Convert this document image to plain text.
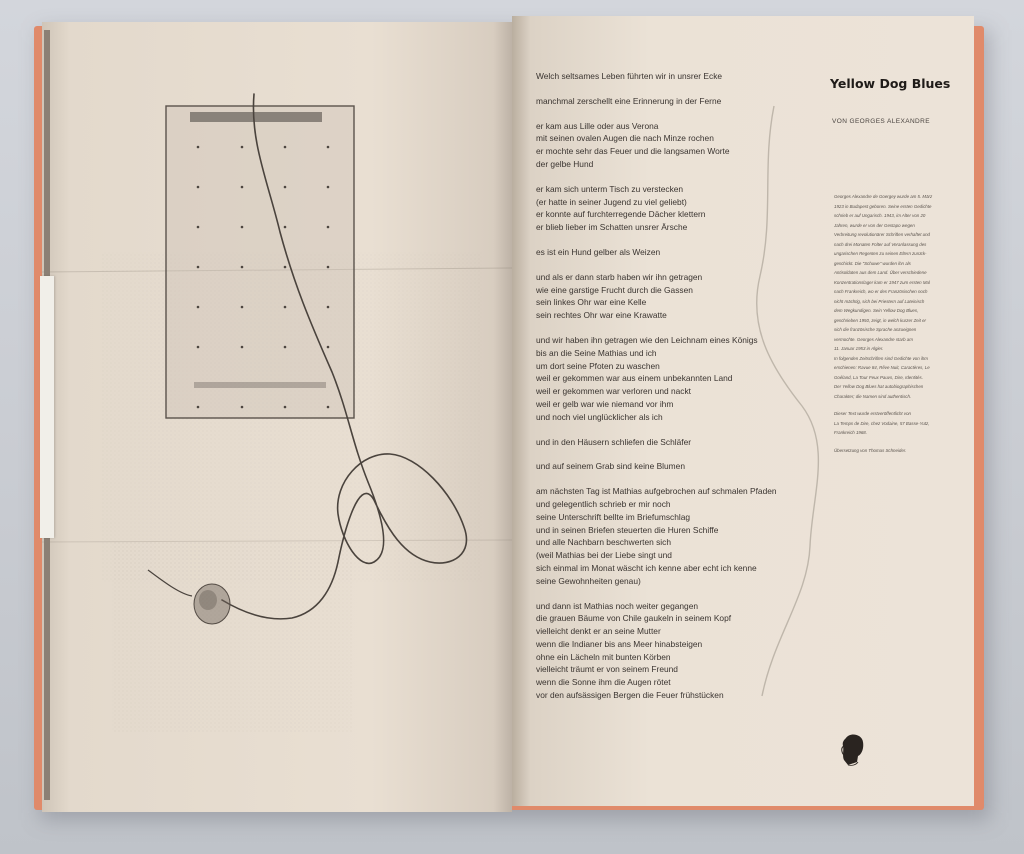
Welch seltsames Leben führten wir in unsrer Ecke
manchmal zerschellt eine Erinnerung in der Ferne
er kam aus Lille oder aus Verona
mit seinen ovalen Augen die nach Minze rochen
er mochte sehr das Feuer und die langsamen Worte
der gelbe Hund
er kam sich unterm Tisch zu verstecken
(er hatte in seiner Jugend zu viel geliebt)
er konnte auf furchterregende Dächer klettern
er blieb lieber im Schatten unsrer Ärsche
es ist ein Hund gelber als Weizen
und als er dann starb haben wir ihn getragen
wie eine garstige Frucht durch die Gassen
sein linkes Ohr war eine Kelle
sein rechtes Ohr war eine Krawatte
und wir haben ihn getragen wie den Leichnam eines Königs
bis an die Seine Mathias und ich
um dort seine Pfoten zu waschen
weil er gekommen war aus einem unbekannten Land
weil er gekommen war verloren und nackt
weil er gelb war wie niemand vor ihm
und noch viel unglücklicher als ich
und in den Häusern schliefen die Schläfer
und auf seinem Grab sind keine Blumen
am nächsten Tag ist Mathias aufgebrochen auf schmalen Pfaden
und gelegentlich schrieb er mir noch
seine Unterschrift bellte im Briefumschlag
und in seinen Briefen steuerten die Huren Schiffe
und alle Nachbarn beschwerten sich
(weil Mathias bei der Liebe singt und
sich einmal im Monat wäscht ich kenne aber echt ich kenne
seine Gewohnheiten genau)
und dann ist Mathias noch weiter gegangen
die grauen Bäume von Chile gaukeln in seinem Kopf
vielleicht denkt er an seine Mutter
wenn die Indianer bis ans Meer hinabsteigen
ohne ein Lächeln mit bunten Körben
vielleicht träumt er von seinem Freund
wenn die Sonne ihm die Augen rötet
vor den aufsässigen Bergen die Feuer frühstücken
Yellow Dog Blues
VON GEORGES ALEXANDRE
Georges Alexandre de Goergey wurde am 5. März
1923 in Budapest geboren. Seine ersten Gedichte
schrieb er auf Ungarisch. 1943, im Alter von 20
Jahren, wurde er von der Gestapo wegen
Verbreitung revolutionärer Schriften verhaftet und
nach drei Monaten Folter auf Veranlassung des
ungarischen Regenten zu seinen Eltern zurück-
geschickt. Die "Schuwe" wurden ihn als
Antisoldaten aus dem Land. Über verschiedene
Konzentrationslager kam er 1947 zum ersten Mal
nach Frankreich, wo er des Französischen noch
nicht mächtig, sich bei Priestern auf Lateinisch
dem Wegkundigen. Sein Yellow Dog Blues,
geschrieben 1950, zeigt, in welch kurzer Zeit er
sich die französische Sprache anzueignen
vermochte. Georges Alexandre starb am
11. Januar 1953 in Algier.
In folgenden Zeitschriften sind Gedichte von ihm
erschienen: Ravue 84, Rêve Nuit, Caractères, Le
Goéland, La Tour Feux Pauvs, Dire, Identités.
Der Yellow Dog Blues hat autobiographischen
Charakter; die Namen sind authentisch.
Dieser Text wurde erstveröffentlicht von
La Temps de Dire, chez Vodaine, 57 Basse-Yutz,
Frankreich 1968.
Übersetzung von Thomas Schneider.
